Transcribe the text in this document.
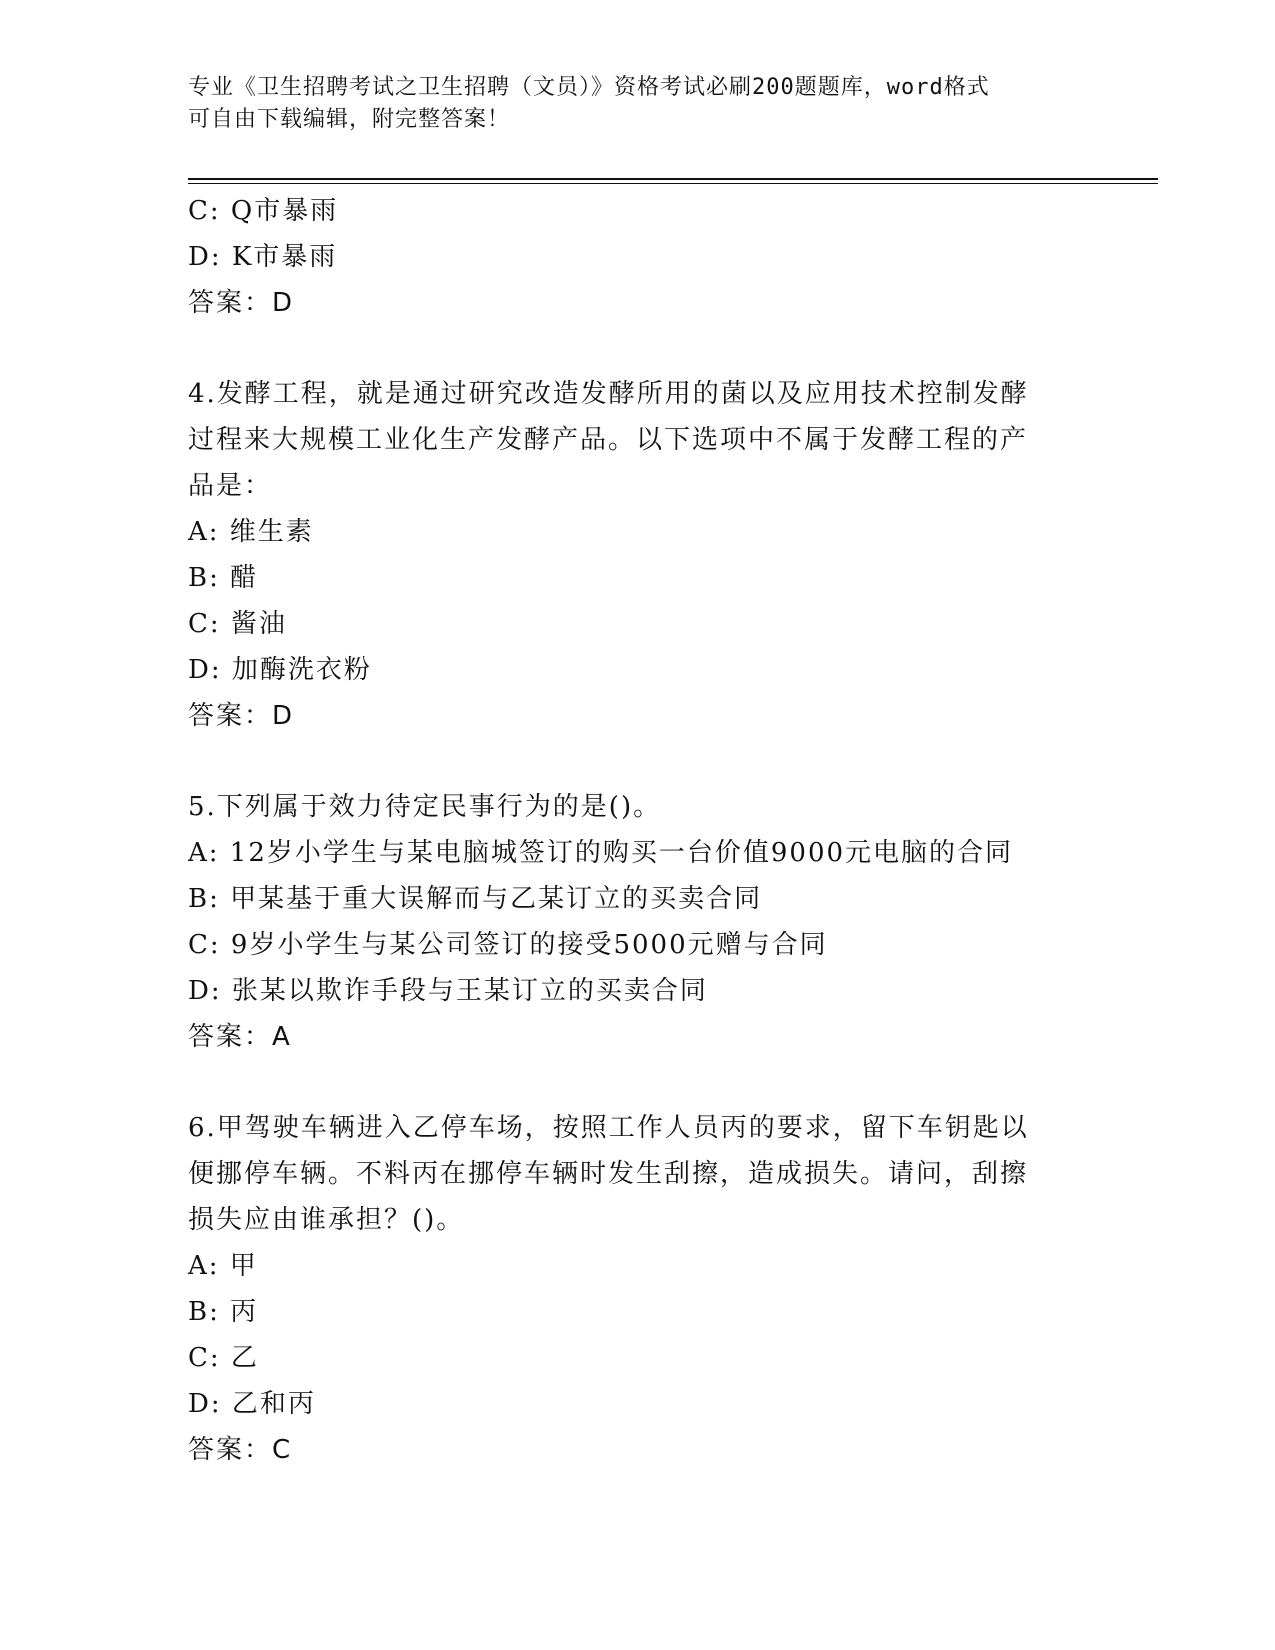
专业《卫生招聘考试之卫生招聘（文员）》资格考试必刷200题题库，word格式
可自由下载编辑，附完整答案！
C: Q市暴雨
D: K市暴雨
答案：D
4.发酵工程，就是通过研究改造发酵所用的菌以及应用技术控制发酵
过程来大规模工业化生产发酵产品。以下选项中不属于发酵工程的产
品是：
A: 维生素
B: 醋
C: 酱油
D: 加酶洗衣粉
答案：D
5.下列属于效力待定民事行为的是()。
A: 12岁小学生与某电脑城签订的购买一台价值9000元电脑的合同
B: 甲某基于重大误解而与乙某订立的买卖合同
C: 9岁小学生与某公司签订的接受5000元赠与合同
D: 张某以欺诈手段与王某订立的买卖合同
答案：A
6.甲驾驶车辆进入乙停车场，按照工作人员丙的要求，留下车钥匙以
便挪停车辆。不料丙在挪停车辆时发生刮擦，造成损失。请问，刮擦
损失应由谁承担？()。
A: 甲
B: 丙
C: 乙
D: 乙和丙
答案：C
